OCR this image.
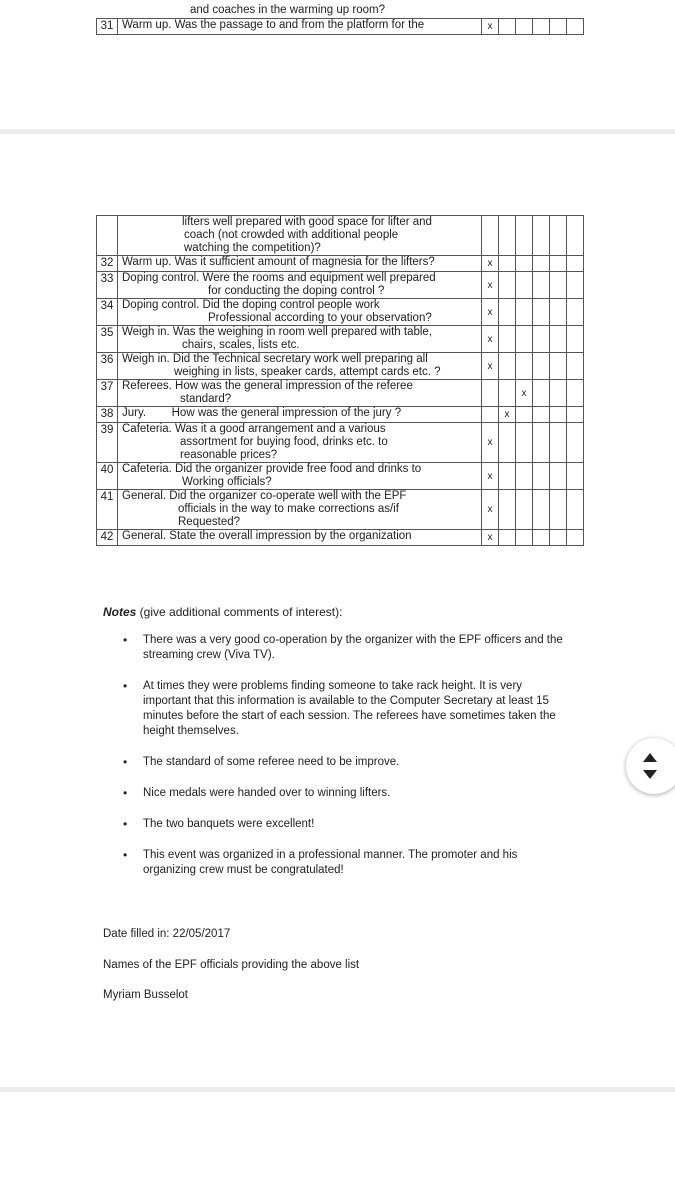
and coaches in the warming up room?
31	Warm up. Was the passage to and from the platform for the	x					

	lifters well prepared with good space for lifter and
coach (not crowded with additional people
watching the competition)?						

32	Warm up. Was it sufficient amount of magnesia for the lifters?	x					
33	Doping control. Were the rooms and equipment well prepared
for conducting the doping control ?	x					
34	Doping control. Did the doping control people work
Professional according to your observation?	x					
35	Weigh in. Was the weighing in room well prepared with table,
chairs, scales, lists etc.	x					
36	Weigh in. Did the Technical secretary work well preparing all
weighing in lists, speaker cards, attempt cards etc. ?	x					
37	Referees. How was the general impression of the referee
standard?			x			
38	Jury.        How was the general impression of the jury ?		x				
39	Cafeteria. Was it a good arrangement and a various
assortment for buying food, drinks etc. to
reasonable prices?	x					
40	Cafeteria. Did the organizer provide free food and drinks to
Working officials?	x					
41	General. Did the organizer co-operate well with the EPF
officials in the way to make corrections as/if
Requested?	x					
42	General. State the overall impression by the organization	x					
Notes (give additional comments of interest):
• There was a very good co-operation by the organizer with the EPF officers and the streaming crew (Viva TV).
• At times they were problems finding someone to take rack height. It is very important that this information is available to the Computer Secretary at least 15 minutes before the start of each session. The referees have sometimes taken the height themselves.
• The standard of some referee need to be improve.
• Nice medals were handed over to winning lifters.
• The two banquets were excellent!
• This event was organized in a professional manner. The promoter and his organizing crew must be congratulated!
Date filled in: 22/05/2017
Names of the EPF officials providing the above list
Myriam Busselot
